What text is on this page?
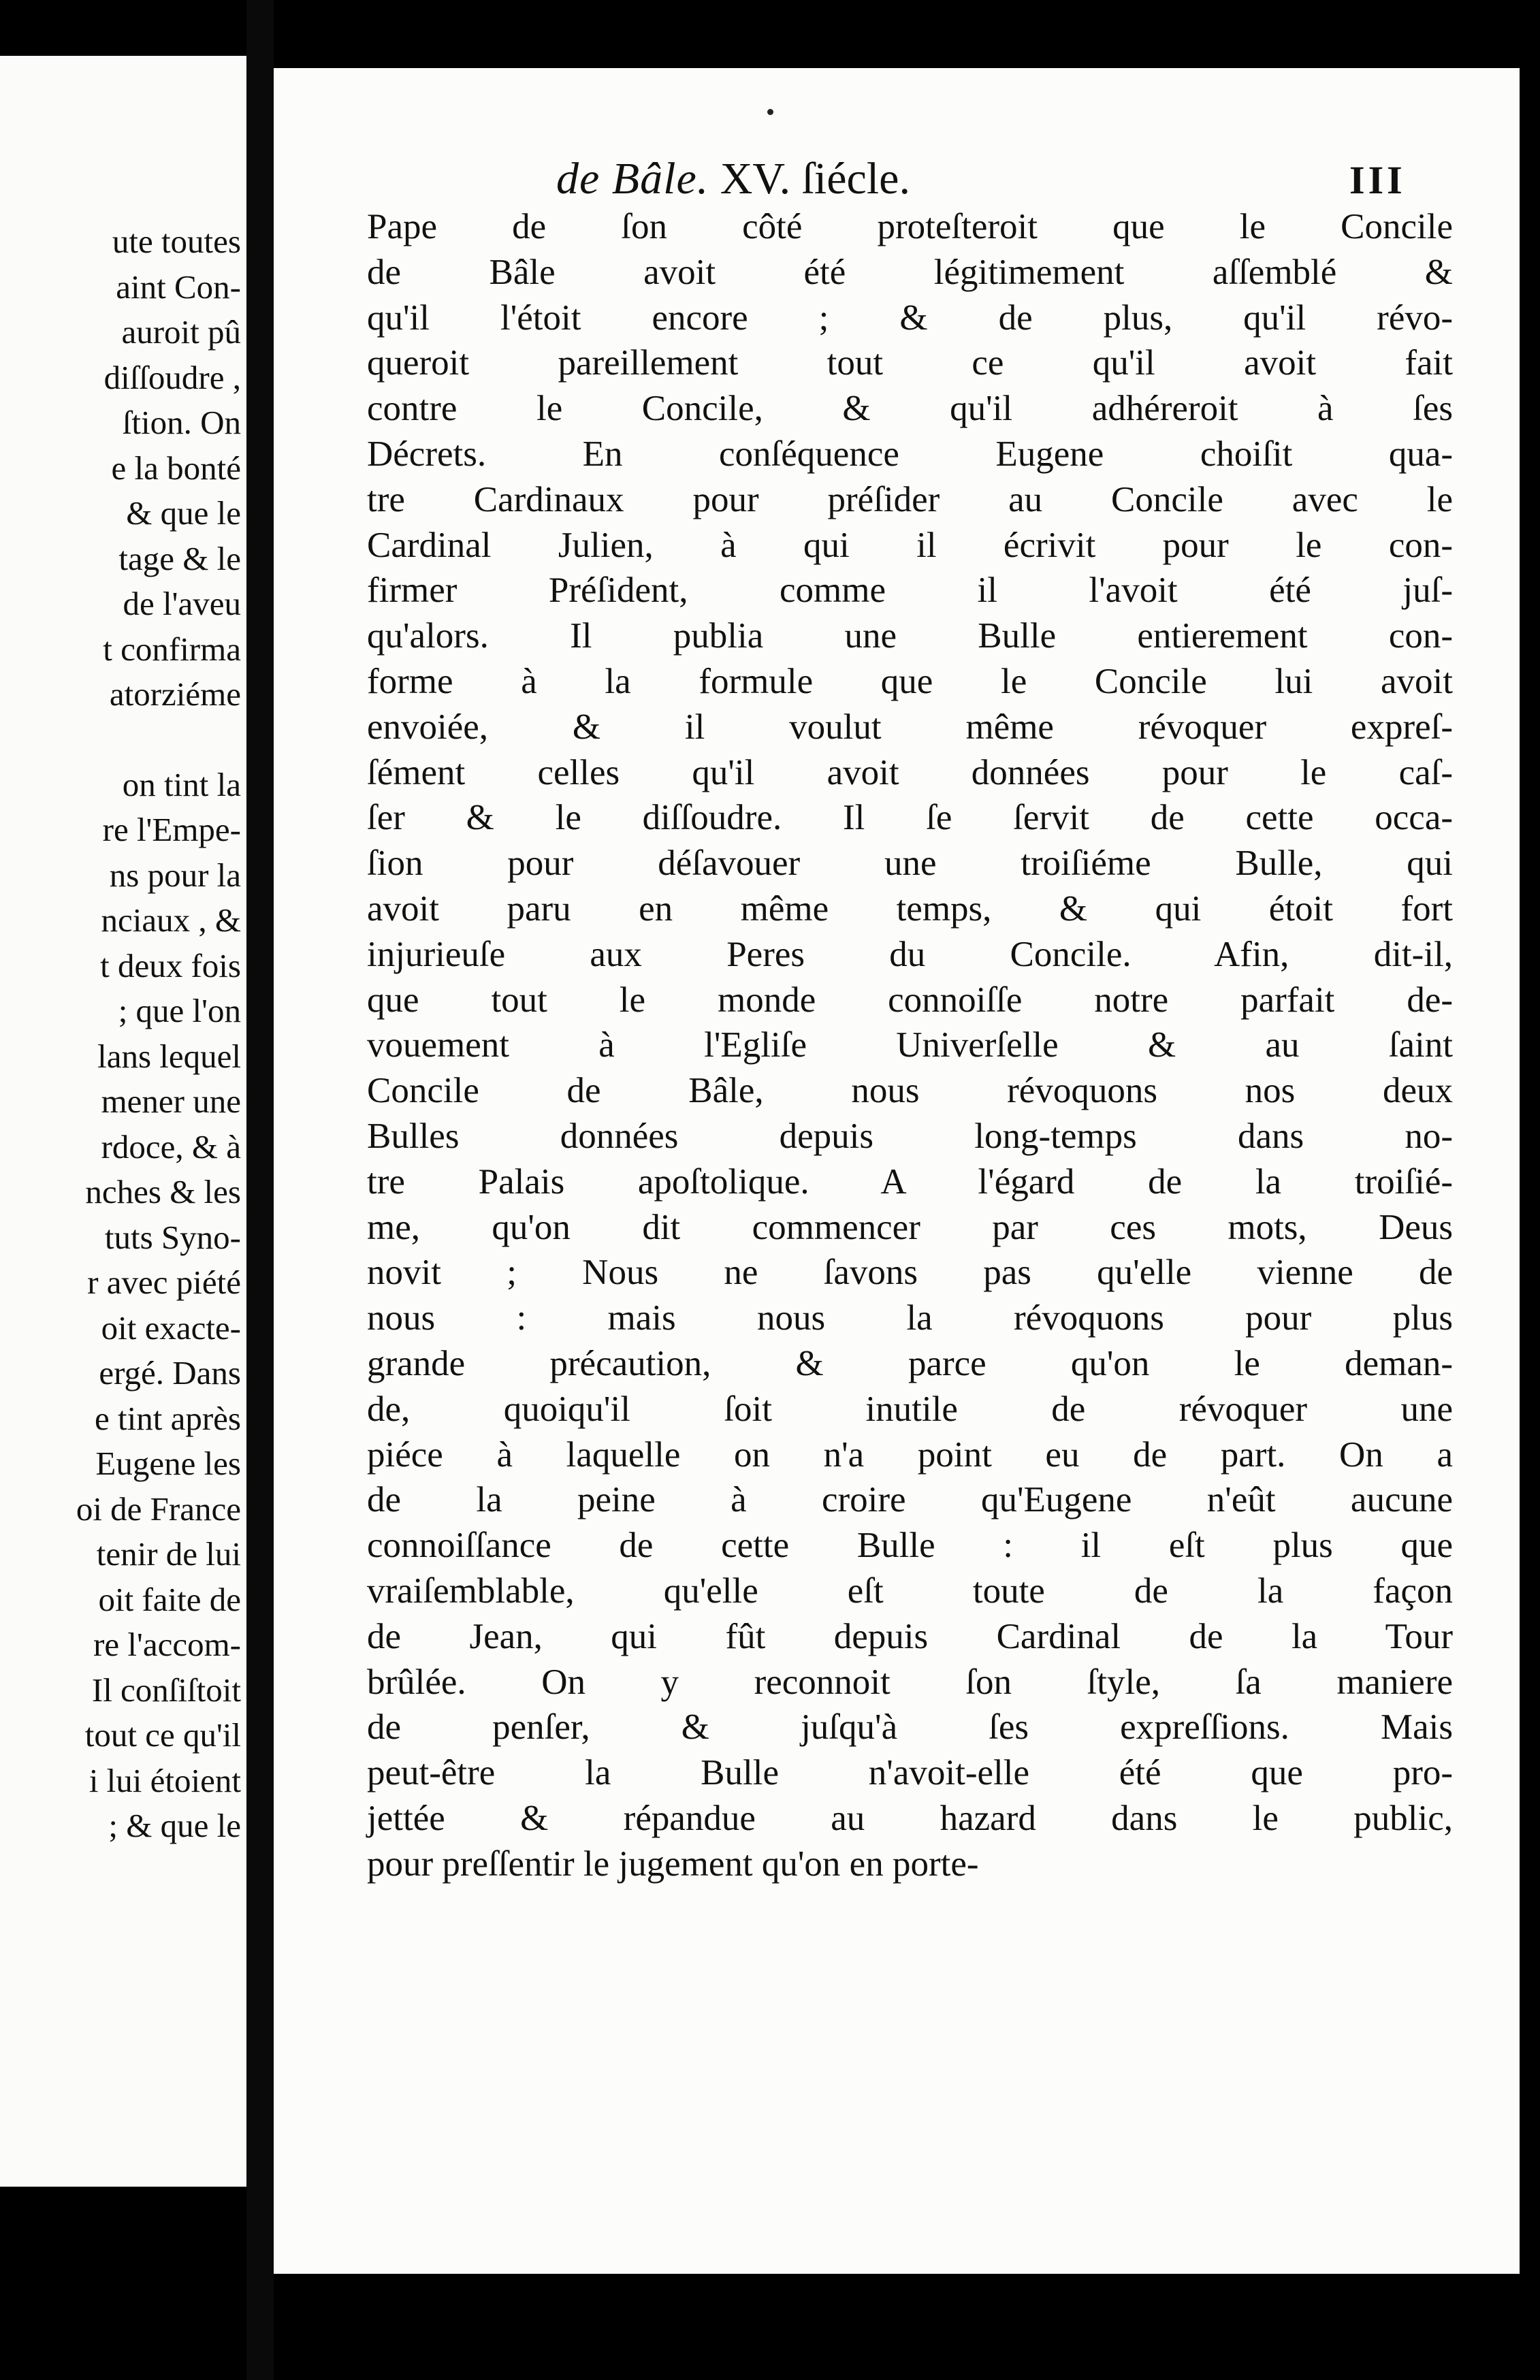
ute toutes
aint Con-
auroit pû
diſſoudre ,
ſtion. On
e la bonté
& que le
tage & le
de l'aveu
t confirma
atorziéme
on tint la
re l'Empe-
ns pour la
nciaux , &
t deux fois
; que l'on
lans lequel
mener une
rdoce, & à
nches & les
tuts Syno-
r avec piété
oit exacte-
ergé. Dans
e tint après
Eugene les
oi de France
tenir de lui
oit faite de
re l'accom-
Il conſiſtoit
tout ce qu'il
i lui étoient
; & que le
de Bâle. XV. ſiécle.	III
Pape de ſon côté proteſteroit que le Concile
de Bâle avoit été légitimement aſſemblé &
qu'il l'étoit encore ; & de plus, qu'il révo-
queroit pareillement tout ce qu'il avoit fait
contre le Concile, & qu'il adhéreroit à ſes
Décrets. En conſéquence Eugene choiſit qua-
tre Cardinaux pour préſider au Concile avec le
Cardinal Julien, à qui il écrivit pour le con-
firmer Préſident, comme il l'avoit été juſ-
qu'alors. Il publia une Bulle entierement con-
forme à la formule que le Concile lui avoit
envoiée, & il voulut même révoquer expreſ-
ſément celles qu'il avoit données pour le caſ-
ſer & le diſſoudre. Il ſe ſervit de cette occa-
ſion pour déſavouer une troiſiéme Bulle, qui
avoit paru en même temps, & qui étoit fort
injurieuſe aux Peres du Concile. Afin, dit-il,
que tout le monde connoiſſe notre parfait de-
vouement à l'Egliſe Univerſelle & au ſaint
Concile de Bâle, nous révoquons nos deux
Bulles données depuis long-temps dans no-
tre Palais apoſtolique. A l'égard de la troiſié-
me, qu'on dit commencer par ces mots, Deus
novit ; Nous ne ſavons pas qu'elle vienne de
nous : mais nous la révoquons pour plus
grande précaution, & parce qu'on le deman-
de, quoiqu'il ſoit inutile de révoquer une
piéce à laquelle on n'a point eu de part. On a
de la peine à croire qu'Eugene n'eût aucune
connoiſſance de cette Bulle : il eſt plus que
vraiſemblable, qu'elle eſt toute de la façon
de Jean, qui fût depuis Cardinal de la Tour
brûlée. On y reconnoit ſon ſtyle, ſa maniere
de penſer, & juſqu'à ſes expreſſions. Mais
peut-être la Bulle n'avoit-elle été que pro-
jettée & répandue au hazard dans le public,
pour preſſentir le jugement qu'on en porte-
